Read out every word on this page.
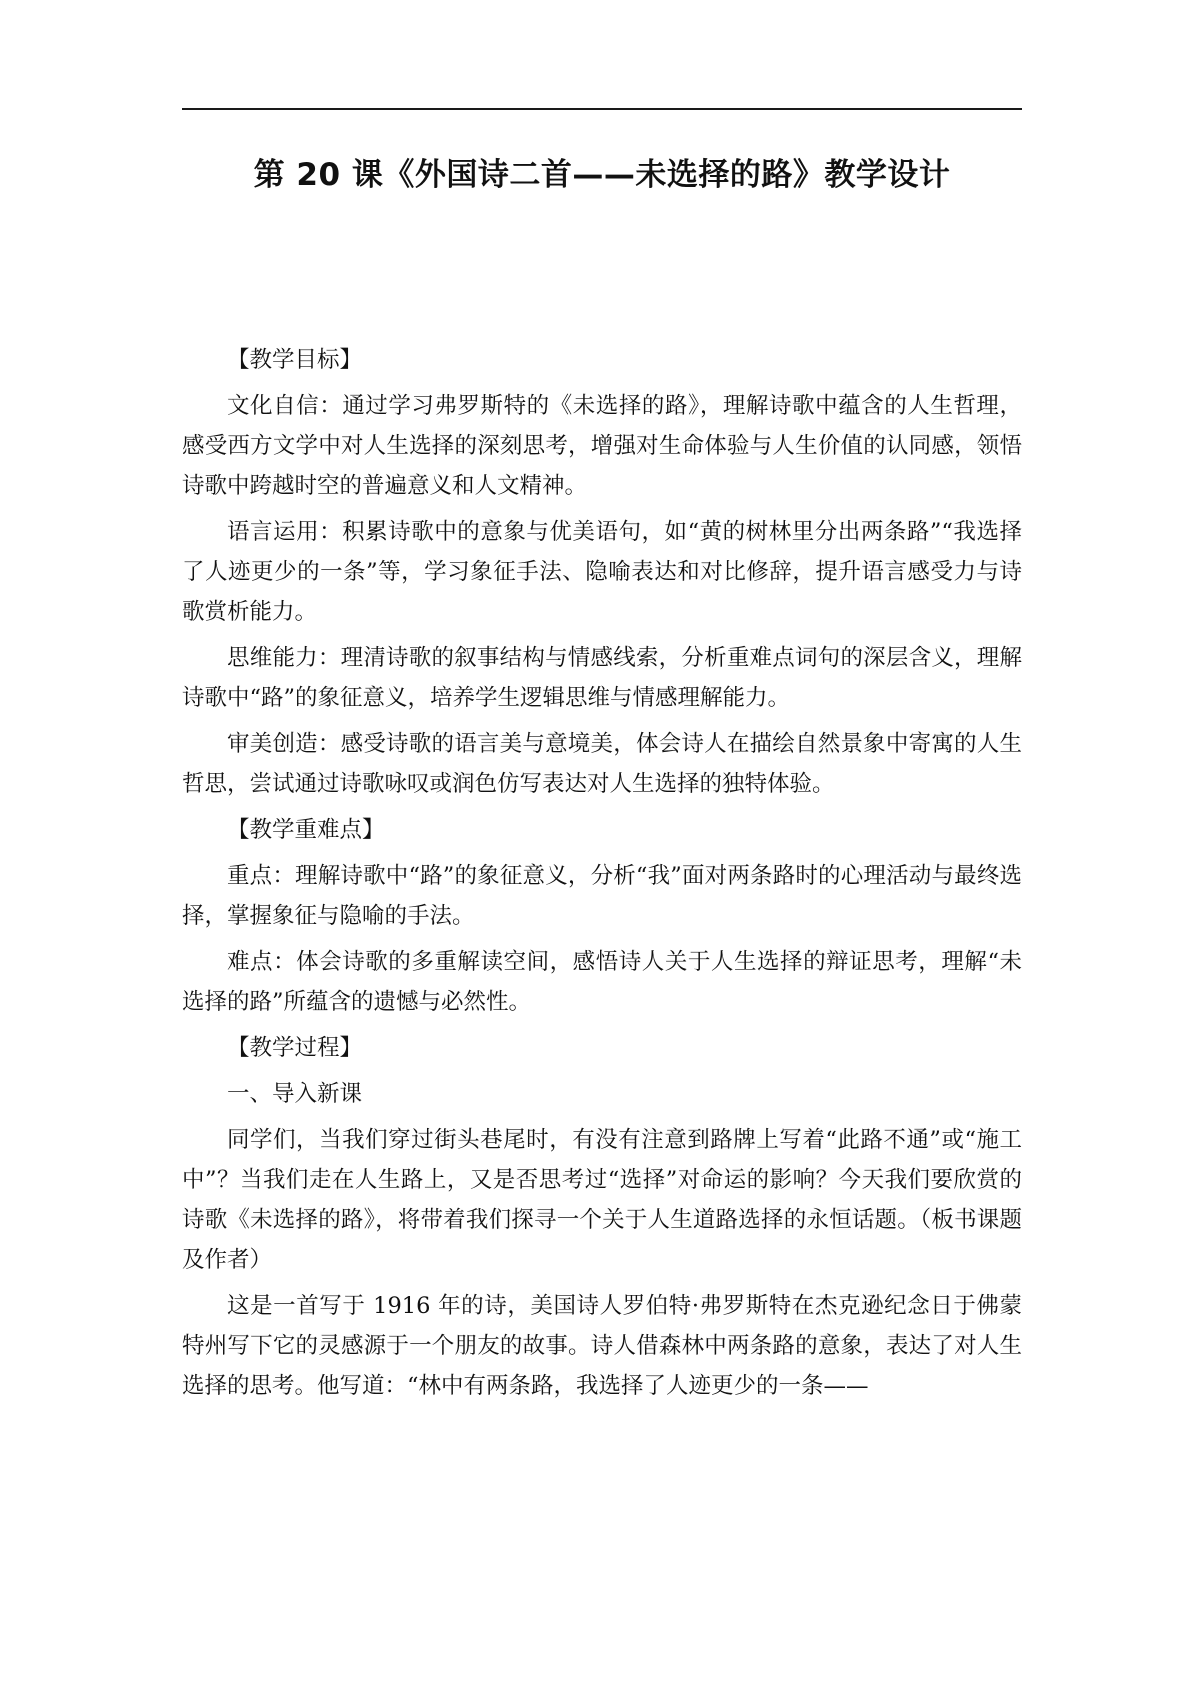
第 20 课《外国诗二首——未选择的路》教学设计

【教学目标】

文化自信：通过学习弗罗斯特的《未选择的路》，理解诗歌中蕴含的人生哲理，感受西方文学中对人生选择的深刻思考，增强对生命体验与人生价值的认同感，领悟诗歌中跨越时空的普遍意义和人文精神。

语言运用：积累诗歌中的意象与优美语句，如“黄的树林里分出两条路”“我选择了人迹更少的一条”等，学习象征手法、隐喻表达和对比修辞，提升语言感受力与诗歌赏析能力。

思维能力：理清诗歌的叙事结构与情感线索，分析重难点词句的深层含义，理解诗歌中“路”的象征意义，培养学生逻辑思维与情感理解能力。

审美创造：感受诗歌的语言美与意境美，体会诗人在描绘自然景象中寄寓的人生哲思，尝试通过诗歌咏叹或润色仿写表达对人生选择的独特体验。

【教学重难点】

重点：理解诗歌中“路”的象征意义，分析“我”面对两条路时的心理活动与最终选择，掌握象征与隐喻的手法。

难点：体会诗歌的多重解读空间，感悟诗人关于人生选择的辩证思考，理解“未选择的路”所蕴含的遗憾与必然性。

【教学过程】

一、导入新课

同学们，当我们穿过街头巷尾时，有没有注意到路牌上写着“此路不通”或“施工中”？当我们走在人生路上，又是否思考过“选择”对命运的影响？今天我们要欣赏的诗歌《未选择的路》，将带着我们探寻一个关于人生道路选择的永恒话题。（板书课题及作者）

这是一首写于 1916 年的诗，美国诗人罗伯特·弗罗斯特在杰克逊纪念日于佛蒙特州写下它的灵感源于一个朋友的故事。诗人借森林中两条路的意象，表达了对人生选择的思考。他写道：“林中有两条路，我选择了人迹更少的一条——
